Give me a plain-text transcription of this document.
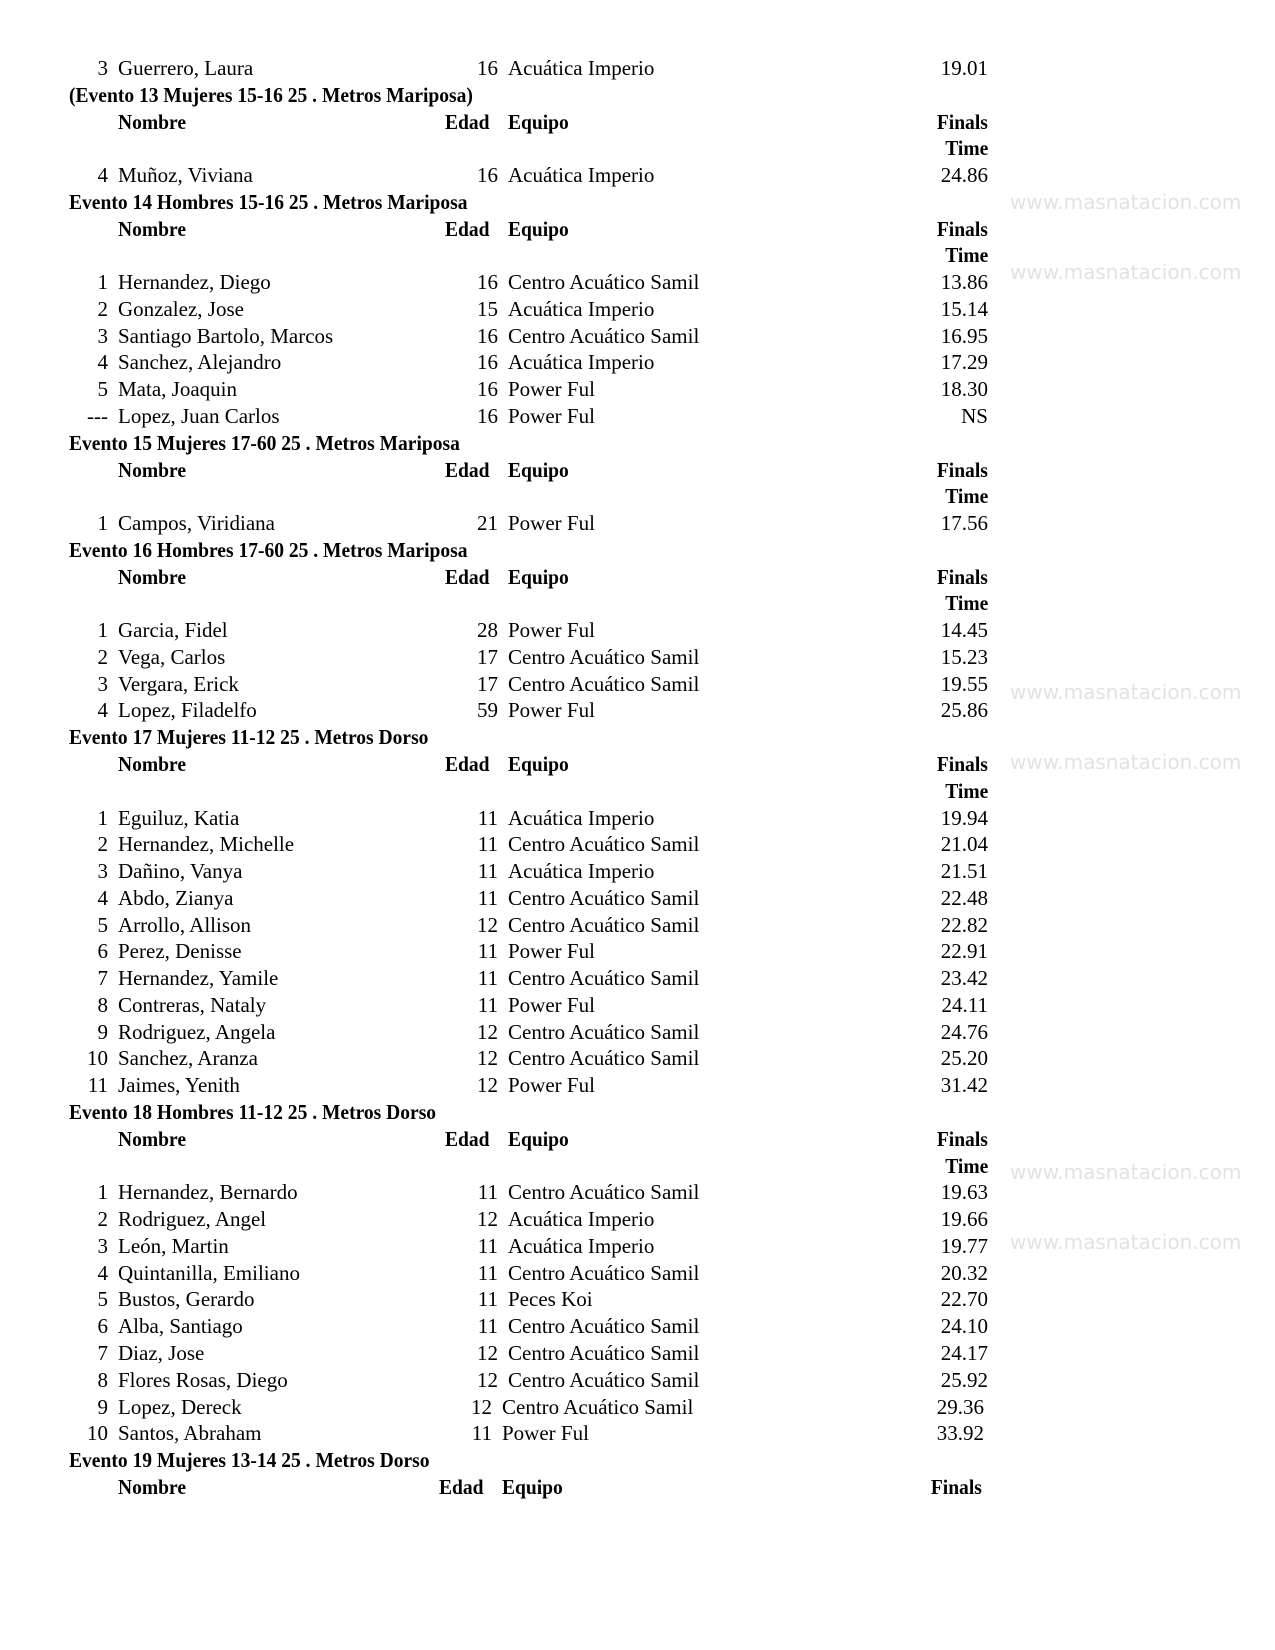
3 Guerrero, Laura	16 Acuática Imperio	19.01
(Evento 13 Mujeres 15-16 25 . Metros Mariposa)
Nombre	Edad Equipo	Finals
Time
4 Muñoz, Viviana	16 Acuática Imperio	24.86
Evento 14 Hombres 15-16 25 . Metros Mariposa
Nombre	Edad Equipo	Finals
Time
1 Hernandez, Diego	16 Centro Acuático Samil	13.86
2 Gonzalez, Jose	15 Acuática Imperio	15.14
3 Santiago Bartolo, Marcos	16 Centro Acuático Samil	16.95
4 Sanchez, Alejandro	16 Acuática Imperio	17.29
5 Mata, Joaquin	16 Power Ful	18.30
--- Lopez, Juan Carlos	16 Power Ful	NS
Evento 15 Mujeres 17-60 25 . Metros Mariposa
Nombre	Edad Equipo	Finals
Time
1 Campos, Viridiana	21 Power Ful	17.56
Evento 16 Hombres 17-60 25 . Metros Mariposa
Nombre	Edad Equipo	Finals
Time
1 Garcia, Fidel	28 Power Ful	14.45
2 Vega, Carlos	17 Centro Acuático Samil	15.23
3 Vergara, Erick	17 Centro Acuático Samil	19.55
4 Lopez, Filadelfo	59 Power Ful	25.86
Evento 17 Mujeres 11-12 25 . Metros Dorso
Nombre	Edad Equipo	Finals
Time
1 Eguiluz, Katia	11 Acuática Imperio	19.94
2 Hernandez, Michelle	11 Centro Acuático Samil	21.04
3 Dañino, Vanya	11 Acuática Imperio	21.51
4 Abdo, Zianya	11 Centro Acuático Samil	22.48
5 Arrollo, Allison	12 Centro Acuático Samil	22.82
6 Perez, Denisse	11 Power Ful	22.91
7 Hernandez, Yamile	11 Centro Acuático Samil	23.42
8 Contreras, Nataly	11 Power Ful	24.11
9 Rodriguez, Angela	12 Centro Acuático Samil	24.76
10 Sanchez, Aranza	12 Centro Acuático Samil	25.20
11 Jaimes, Yenith	12 Power Ful	31.42
Evento 18 Hombres 11-12 25 . Metros Dorso
Nombre	Edad Equipo	Finals
Time
1 Hernandez, Bernardo	11 Centro Acuático Samil	19.63
2 Rodriguez, Angel	12 Acuática Imperio	19.66
3 León, Martin	11 Acuática Imperio	19.77
4 Quintanilla, Emiliano	11 Centro Acuático Samil	20.32
5 Bustos, Gerardo	11 Peces Koi	22.70
6 Alba, Santiago	11 Centro Acuático Samil	24.10
7 Diaz, Jose	12 Centro Acuático Samil	24.17
8 Flores Rosas, Diego	12 Centro Acuático Samil	25.92
9 Lopez, Dereck	12 Centro Acuático Samil	29.36
10 Santos, Abraham	11 Power Ful	33.92
Evento 19 Mujeres 13-14 25 . Metros Dorso
Nombre	Edad Equipo	Finals
www.masnatacion.com
www.masnatacion.com
www.masnatacion.com
www.masnatacion.com
www.masnatacion.com
www.masnatacion.com
